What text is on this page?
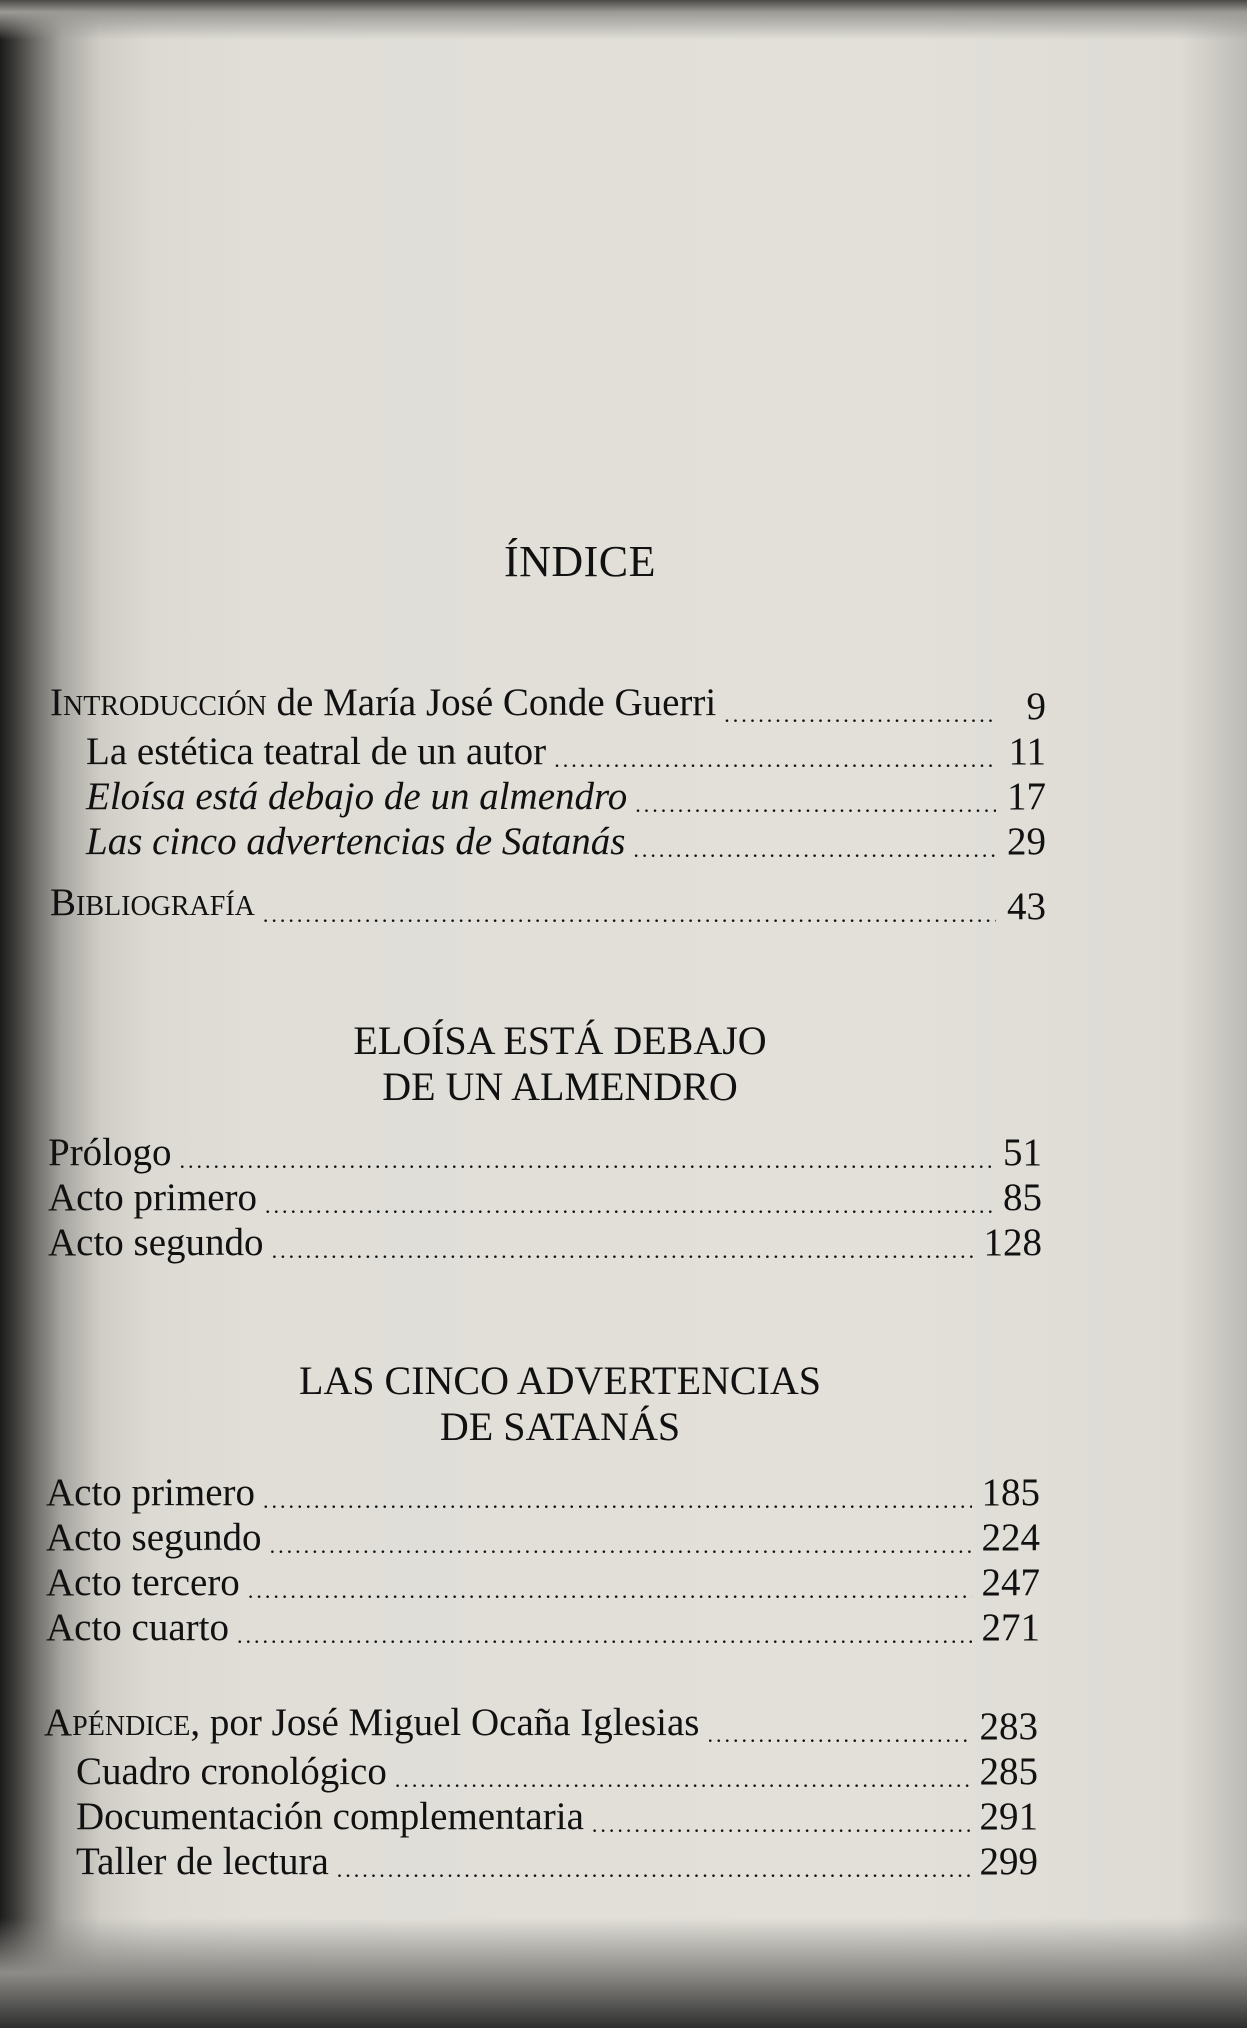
ÍNDICE
INTRODUCCIÓN de María José Conde Guerri .....	9
La estética teatral de un autor .....	11
Eloísa está debajo de un almendro .....	17
Las cinco advertencias de Satanás .....	29
BIBLIOGRAFÍA .....	43
ELOÍSA ESTÁ DEBAJO
DE UN ALMENDRO
Prólogo .....	51
Acto primero .....	85
Acto segundo .....	128
LAS CINCO ADVERTENCIAS
DE SATANÁS
Acto primero .....	185
Acto segundo .....	224
Acto tercero .....	247
Acto cuarto .....	271
APÉNDICE, por José Miguel Ocaña Iglesias .....	283
Cuadro cronológico .....	285
Documentación complementaria .....	291
Taller de lectura .....	299
